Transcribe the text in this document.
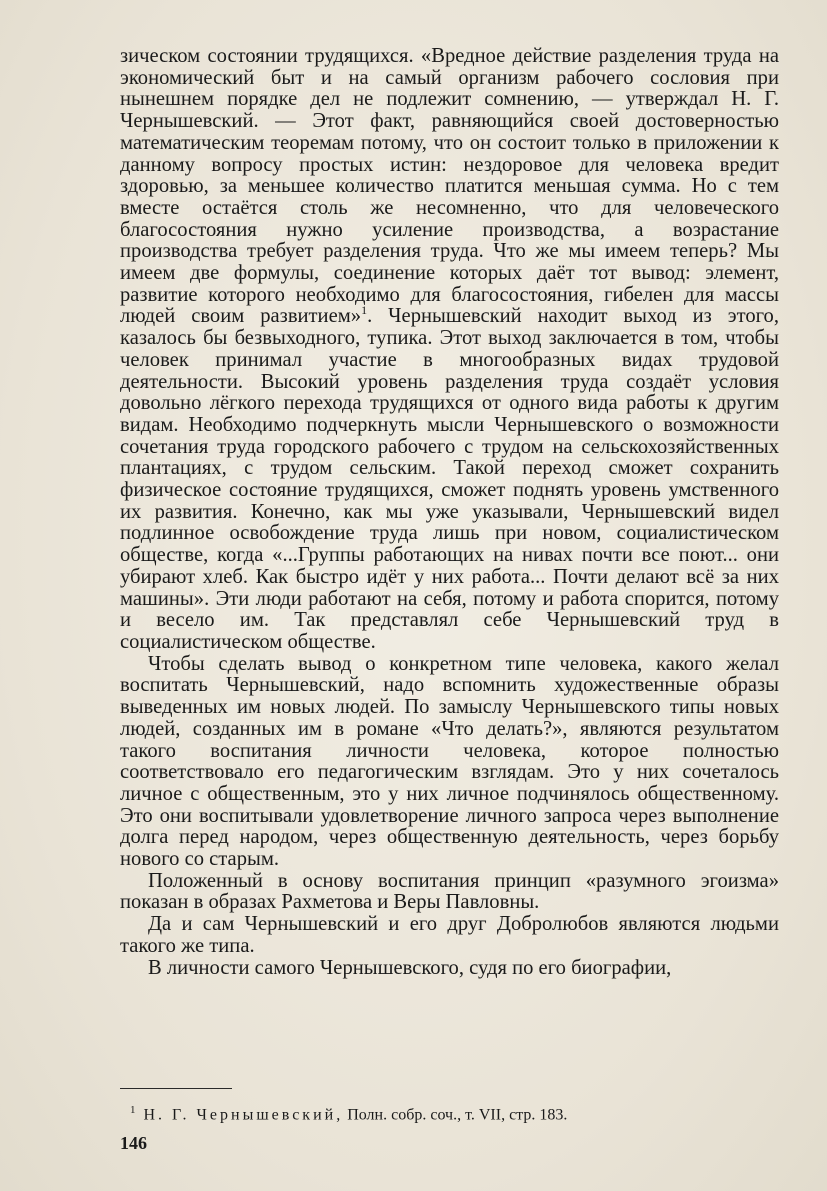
зическом состоянии трудящихся. «Вредное действие разделения труда на экономический быт и на самый организм рабочего сословия при нынешнем порядке дел не подлежит сомнению, — утверждал Н. Г. Чернышевский. — Этот факт, равняющийся своей достоверностью математическим теоремам потому, что он состоит только в приложении к данному вопросу простых истин: нездоровое для человека вредит здоровью, за меньшее количество платится меньшая сумма. Но с тем вместе остаётся столь же несомненно, что для человеческого благосостояния нужно усиление производства, а возрастание производства требует разделения труда. Что же мы имеем теперь? Мы имеем две формулы, соединение которых даёт тот вывод: элемент, развитие которого необходимо для благосостояния, гибелен для массы людей своим развитием»$^1$. Чернышевский находит выход из этого, казалось бы безвыходного, тупика. Этот выход заключается в том, чтобы человек принимал участие в многообразных видах трудовой деятельности. Высокий уровень разделения труда создаёт условия довольно лёгкого перехода трудящихся от одного вида работы к другим видам. Необходимо подчеркнуть мысли Чернышевского о возможности сочетания труда городского рабочего с трудом на сельскохозяйственных плантациях, с трудом сельским. Такой переход сможет сохранить физическое состояние трудящихся, сможет поднять уровень умственного их развития. Конечно, как мы уже указывали, Чернышевский видел подлинное освобождение труда лишь при новом, социалистическом обществе, когда «...Группы работающих на нивах почти все поют... они убирают хлеб. Как быстро идёт у них работа... Почти делают всё за них машины». Эти люди работают на себя, потому и работа спорится, потому и весело им. Так представлял себе Чернышевский труд в социалистическом обществе.

Чтобы сделать вывод о конкретном типе человека, какого желал воспитать Чернышевский, надо вспомнить художественные образы выведенных им новых людей. По замыслу Чернышевского типы новых людей, созданных им в романе «Что делать?», являются результатом такого воспитания личности человека, которое полностью соответствовало его педагогическим взглядам. Это у них сочеталось личное с общественным, это у них личное подчинялось общественному. Это они воспитывали удовлетворение личного запроса через выполнение долга перед народом, через общественную деятельность, через борьбу нового со старым.

Положенный в основу воспитания принцип «разумного эгоизма» показан в образах Рахметова и Веры Павловны.

Да и сам Чернышевский и его друг Добролюбов являются людьми такого же типа.

В личности самого Чернышевского, судя по его биографии,

$^1$ Н. Г. Чернышевский, Полн. собр. соч., т. VII, стр. 183.
146
